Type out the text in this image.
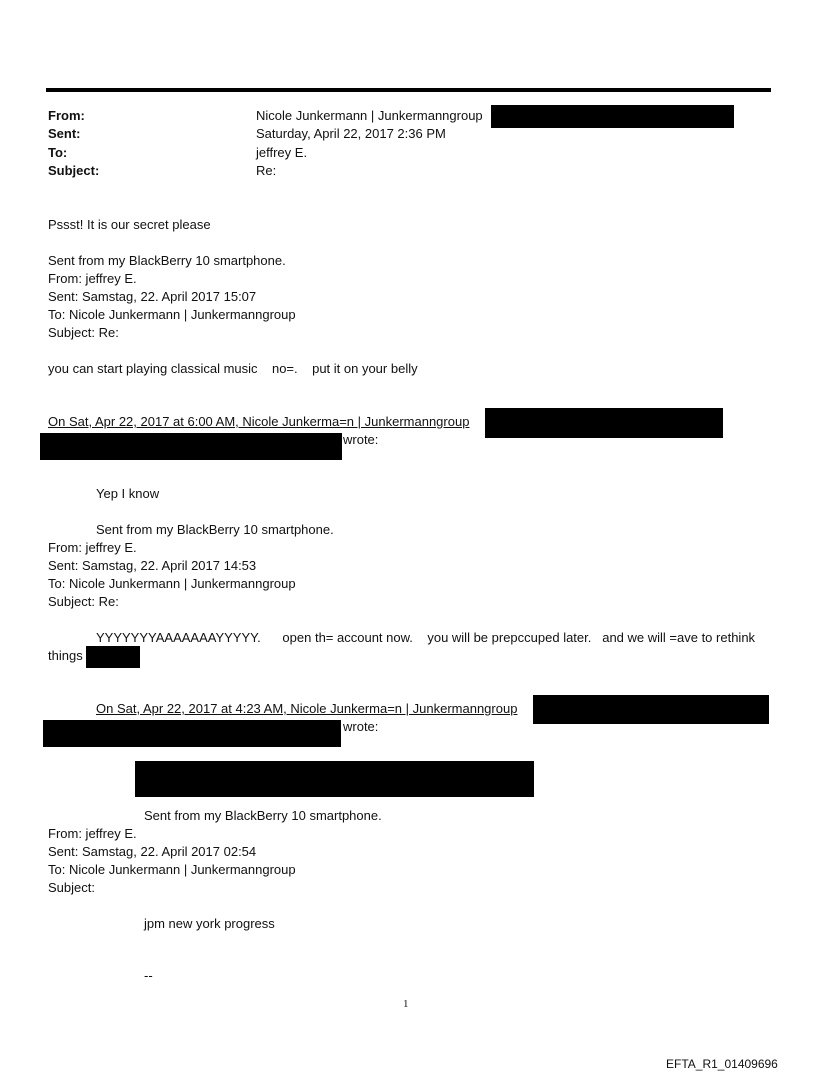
From:	Nicole Junkermann | Junkermanngroup
Sent:	Saturday, April 22, 2017 2:36 PM
To:	jeffrey E.
Subject:	Re:
Pssst! It is our secret please
Sent from my BlackBerry 10 smartphone.
From: jeffrey E.
Sent: Samstag, 22. April 2017 15:07
To: Nicole Junkermann | Junkermanngroup
Subject: Re:
you can start playing classical music    no=.    put it on your belly
On Sat, Apr 22, 2017 at 6:00 AM, Nicole Junkerma=n | Junkermanngroup
wrote:
Yep I know
Sent from my BlackBerry 10 smartphone.
From: jeffrey E.
Sent: Samstag, 22. April 2017 14:53
To: Nicole Junkermann | Junkermanngroup
Subject: Re:
YYYYYYYAAAAAAAYYYYY.      open th= account now.    you will be prepccuped later.   and we will =ave to rethink
things
On Sat, Apr 22, 2017 at 4:23 AM, Nicole Junkerma=n | Junkermanngroup
wrote:
Sent from my BlackBerry 10 smartphone.
From: jeffrey E.
Sent: Samstag, 22. April 2017 02:54
To: Nicole Junkermann | Junkermanngroup
Subject:
jpm new york progress
--
1
EFTA_R1_01409696
